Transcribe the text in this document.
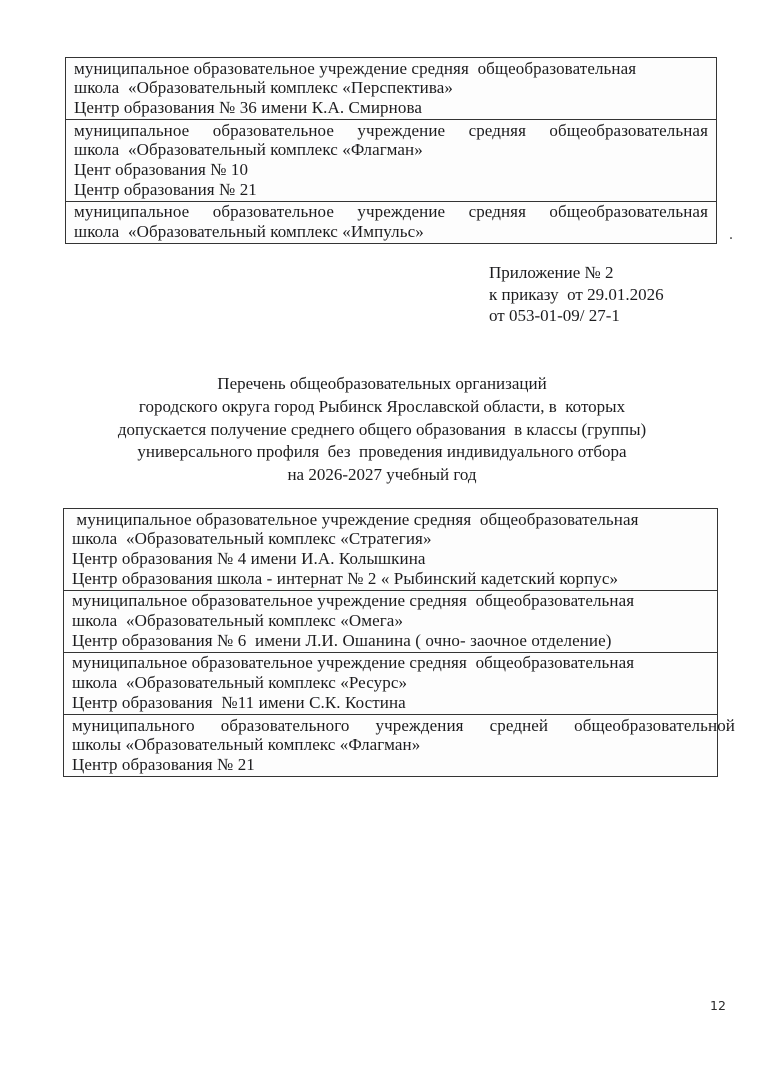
муниципальное образовательное учреждение средняя  общеобразовательная
школа  «Образовательный комплекс «Перспектива»
Центр образования № 36 имени К.А. Смирнова
муниципальное образовательное учреждение средняя общеобразовательная
школа  «Образовательный комплекс «Флагман»
Цент образования № 10
Центр образования № 21
муниципальное образовательное учреждение средняя общеобразовательная
школа  «Образовательный комплекс «Импульс»
Приложение № 2
к приказу  от 29.01.2026
от 053-01-09/ 27-1
Перечень общеобразовательных организаций
городского округа город Рыбинск Ярославской области, в  которых
допускается получение среднего общего образования  в классы (группы)
универсального профиля  без  проведения индивидуального отбора
на 2026-2027 учебный год
муниципальное образовательное учреждение средняя  общеобразовательная
школа  «Образовательный комплекс «Стратегия»
Центр образования № 4 имени И.А. Колышкина
Центр образования школа - интернат № 2 « Рыбинский кадетский корпус»
муниципальное образовательное учреждение средняя  общеобразовательная
школа  «Образовательный комплекс «Омега»
Центр образования № 6  имени Л.И. Ошанина ( очно- заочное отделение)
муниципальное образовательное учреждение средняя  общеобразовательная
школа  «Образовательный комплекс «Ресурс»
Центр образования  №11 имени С.К. Костина
муниципального образовательного учреждения средней общеобразовательной
школы «Образовательный комплекс «Флагман»
Центр образования № 21
.
12
